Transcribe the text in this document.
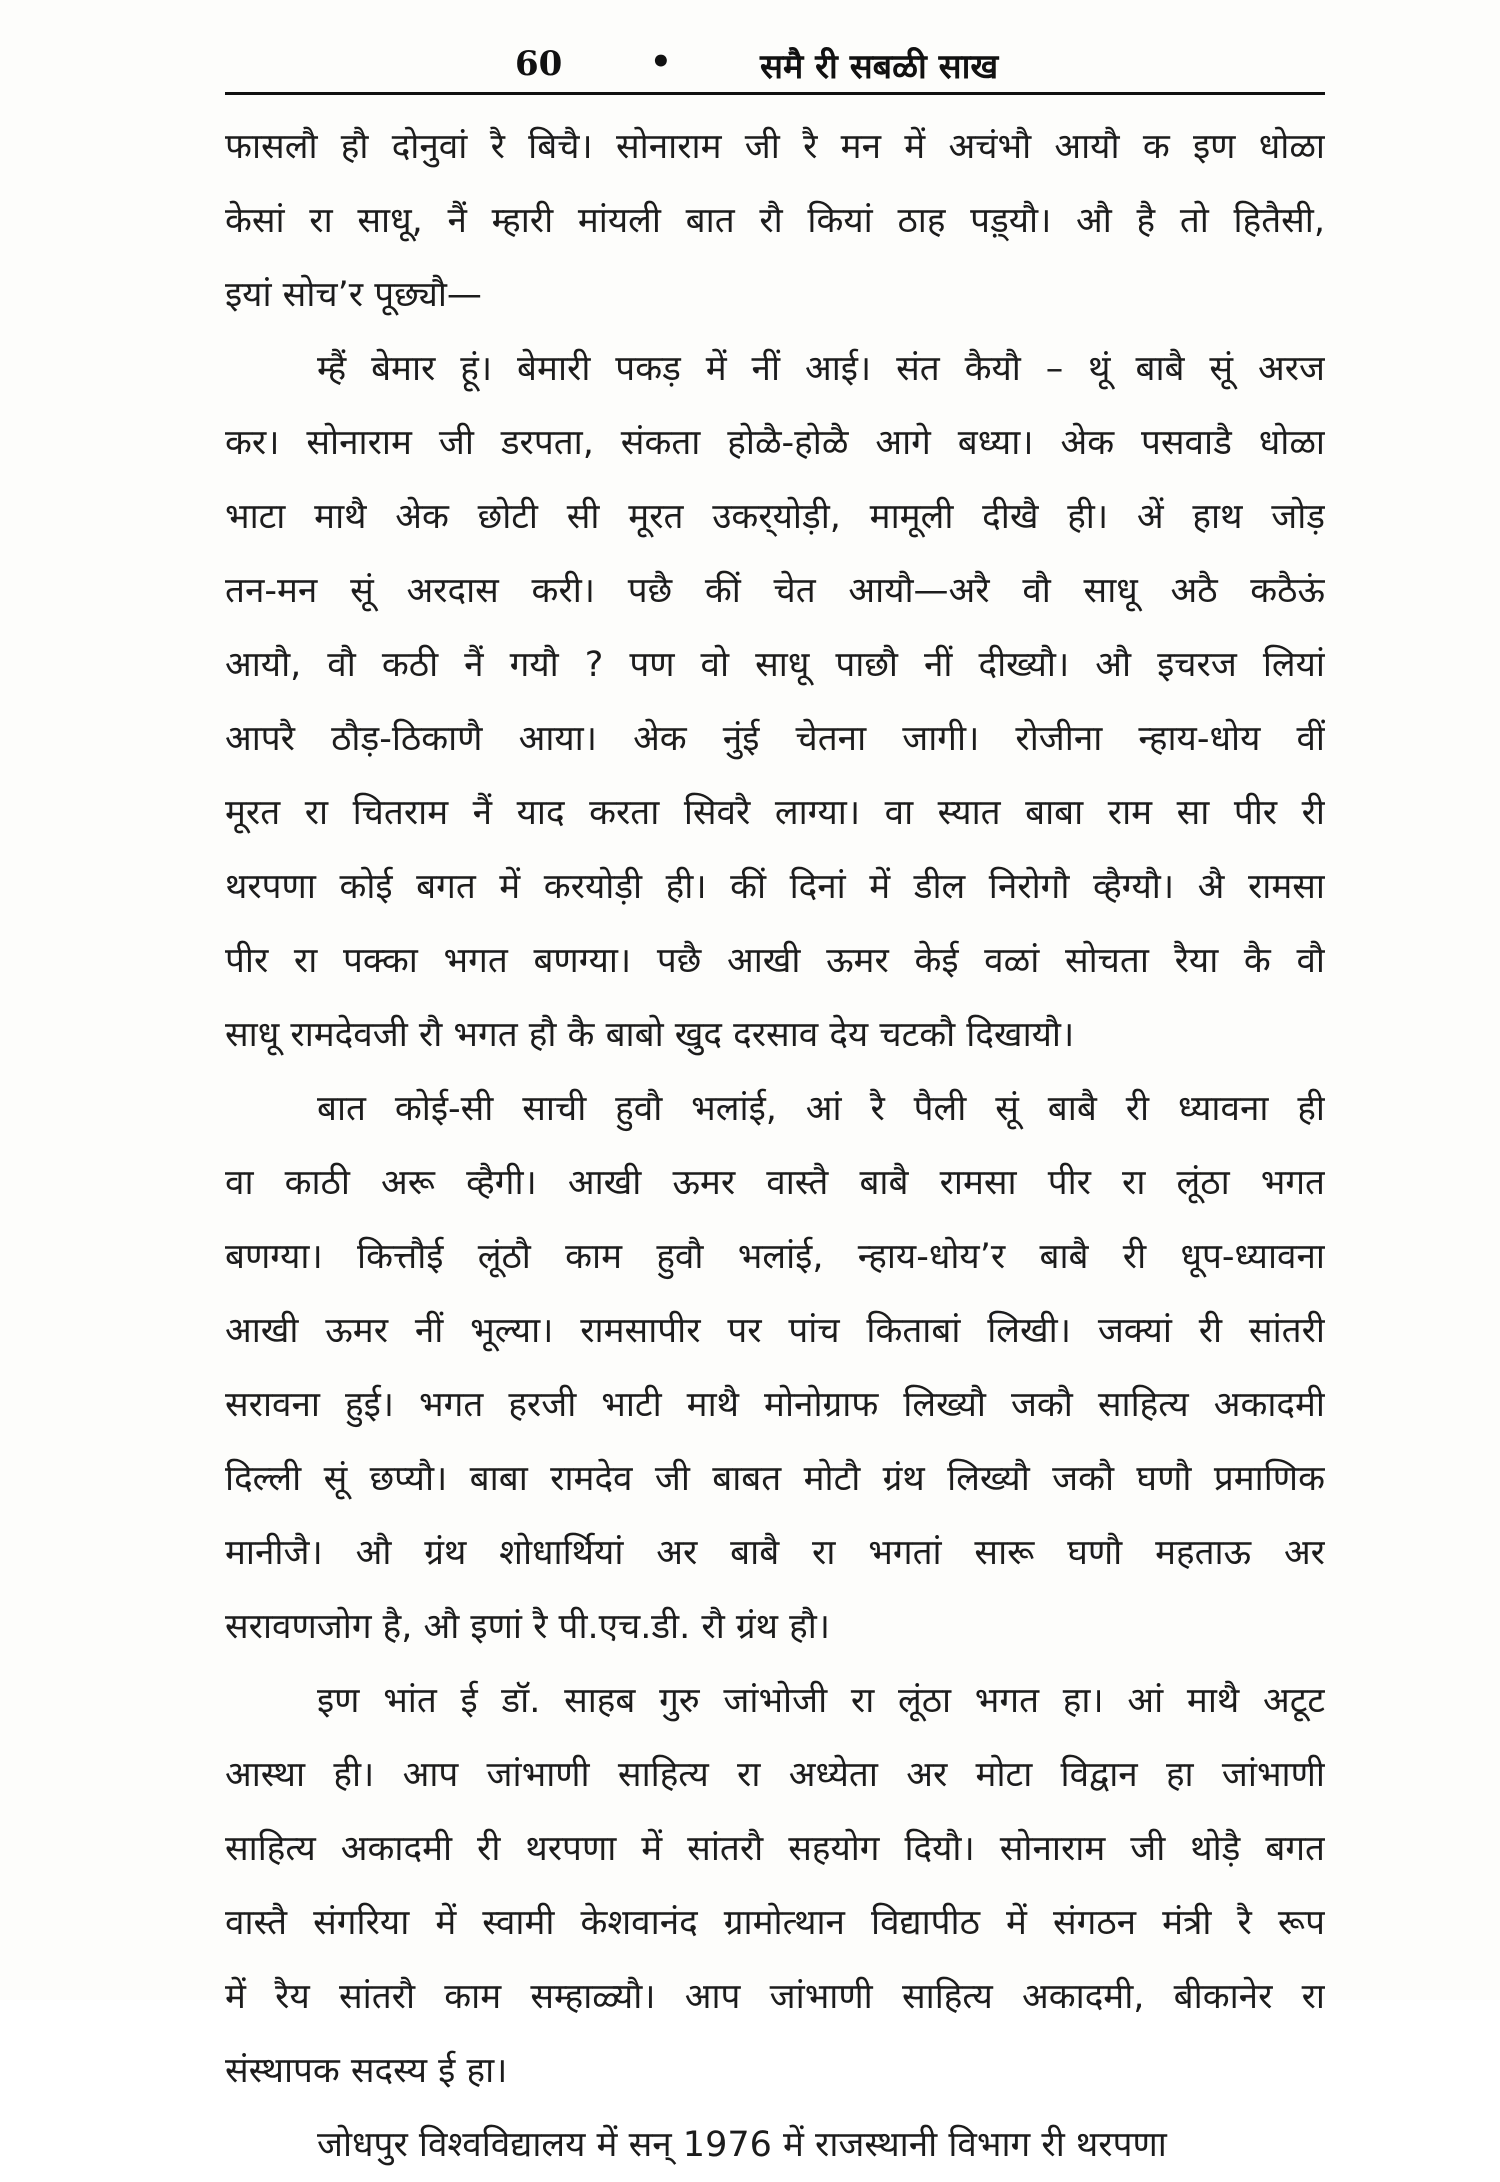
60	•	समै री सबळी साख
फासलौ हौ दोनुवां रै बिचै। सोनाराम जी रै मन में अचंभौ आयौ क इण धोळा
केसां रा साधू, नैं म्हारी मांयली बात रौ कियां ठाह पड़्यौ। औ है तो हितैसी,
इयां सोच’र पूछ्यौ—
म्हैं बेमार हूं। बेमारी पकड़ में नीं आई। संत कैयौ – थूं बाबै सूं अरज
कर। सोनाराम जी डरपता, संकता होळै-होळै आगे बध्या। अेक पसवाडै धोळा
भाटा माथै अेक छोटी सी मूरत उकर्‌योड़ी, मामूली दीखै ही। अें हाथ जोड़
तन-मन सूं अरदास करी। पछै कीं चेत आयौ—अरै वौ साधू अठै कठैऊं
आयौ, वौ कठी नैं गयौ ? पण वो साधू पाछौ नीं दीख्यौ। औ इचरज लियां
आपरै ठौड़-ठिकाणै आया। अेक नुंई चेतना जागी। रोजीना न्हाय-धोय वीं
मूरत रा चितराम नैं याद करता सिवरै लाग्या। वा स्यात बाबा राम सा पीर री
थरपणा कोई बगत में करयोड़ी ही। कीं दिनां में डील निरोगौ व्हैग्यौ। अै रामसा
पीर रा पक्का भगत बणग्या। पछै आखी ऊमर केई वळां सोचता रैया कै वौ
साधू रामदेवजी रौ भगत हौ कै बाबो खुद दरसाव देय चटकौ दिखायौ।
बात कोई-सी साची हुवौ भलांई, आं रै पैली सूं बाबै री ध्यावना ही
वा काठी अरू व्हैगी। आखी ऊमर वास्तै बाबै रामसा पीर रा लूंठा भगत
बणग्या। कित्तौई लूंठौ काम हुवौ भलांई, न्हाय-धोय’र बाबै री धूप-ध्यावना
आखी ऊमर नीं भूल्या। रामसापीर पर पांच किताबां लिखी। जक्यां री सांतरी
सरावना हुई। भगत हरजी भाटी माथै मोनोग्राफ लिख्यौ जकौ साहित्य अकादमी
दिल्ली सूं छप्यौ। बाबा रामदेव जी बाबत मोटौ ग्रंथ लिख्यौ जकौ घणौ प्रमाणिक
मानीजै। औ ग्रंथ शोधार्थियां अर बाबै रा भगतां सारू घणौ महताऊ अर
सरावणजोग है, औ इणां रै पी.एच.डी. रौ ग्रंथ हौ।
इण भांत ई डॉ. साहब गुरु जांभोजी रा लूंठा भगत हा। आं माथै अटूट
आस्था ही। आप जांभाणी साहित्य रा अध्येता अर मोटा विद्वान हा जांभाणी
साहित्य अकादमी री थरपणा में सांतरौ सहयोग दियौ। सोनाराम जी थोड़ै बगत
वास्तै संगरिया में स्वामी केशवानंद ग्रामोत्थान विद्यापीठ में संगठन मंत्री रै रूप
में रैय सांतरौ काम सम्हाळ्यौ। आप जांभाणी साहित्य अकादमी, बीकानेर रा
संस्थापक सदस्य ई हा।
जोधपुर विश्वविद्यालय में सन् 1976 में राजस्थानी विभाग री थरपणा
